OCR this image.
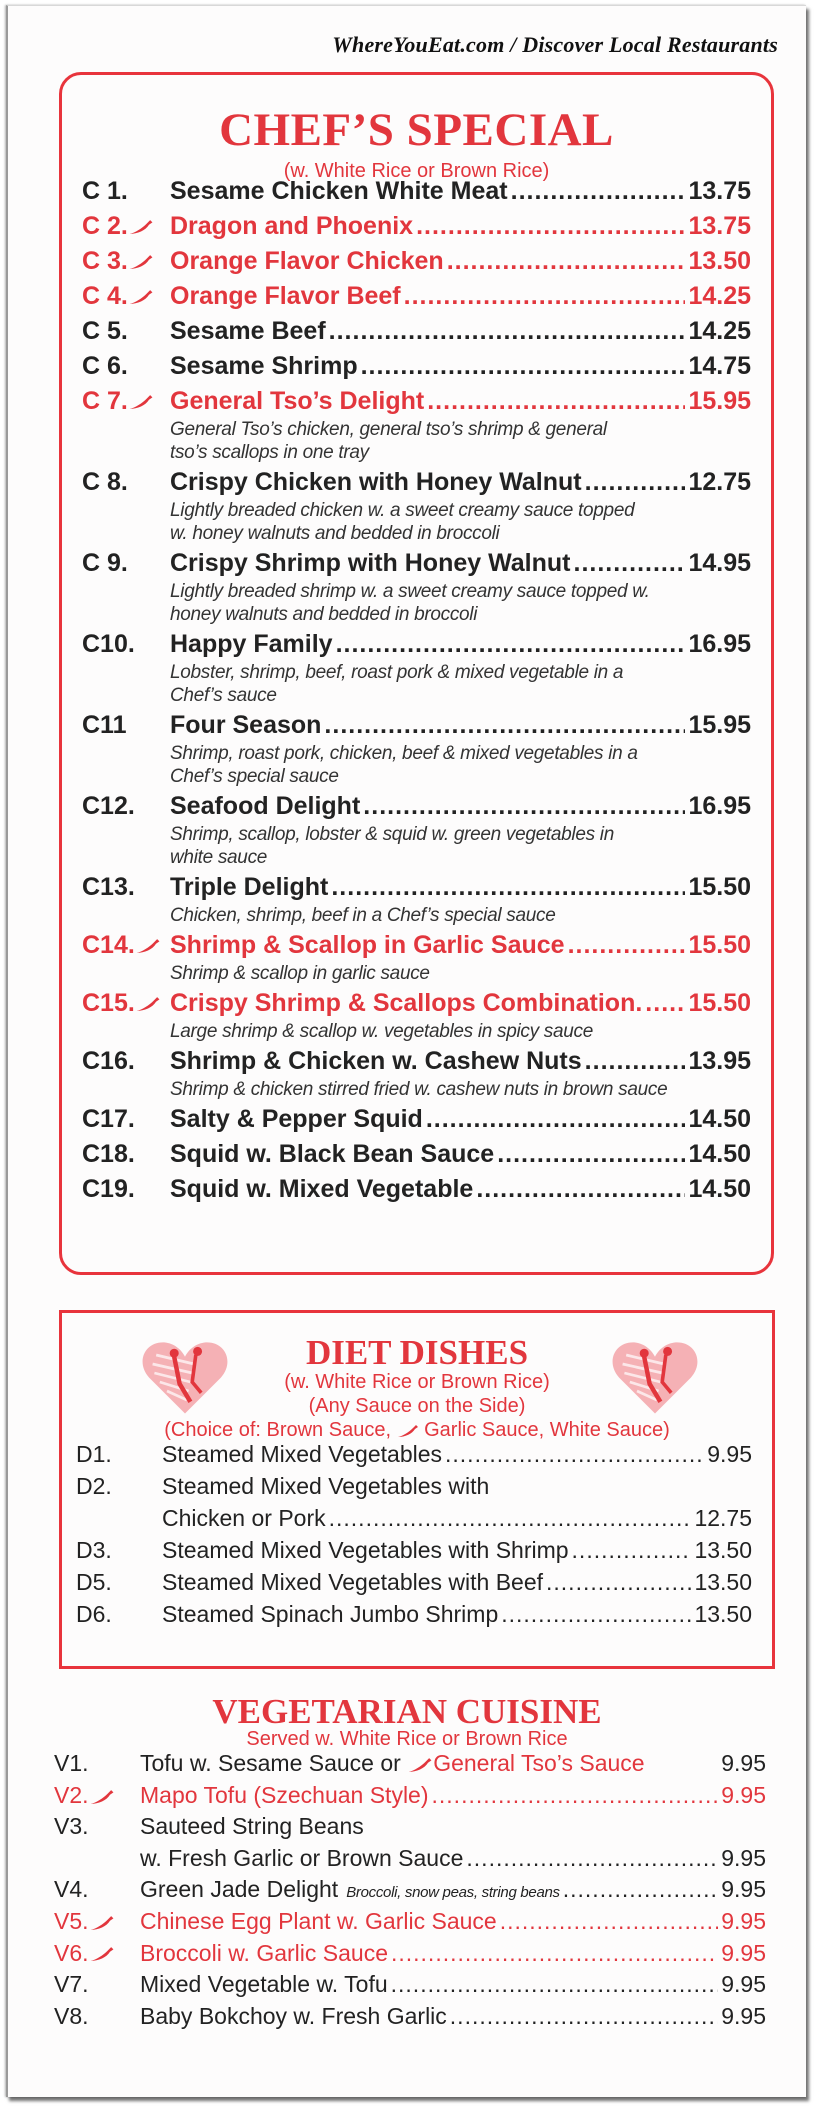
WhereYouEat.com / Discover Local Restaurants
CHEF’S SPECIAL
(w. White Rice or Brown Rice)
C 1.	Sesame Chicken White Meat .....	13.75
C 2.	Dragon and Phoenix .....	13.75
C 3.	Orange Flavor Chicken .....	13.50
C 4.	Orange Flavor Beef .....	14.25
C 5.	Sesame Beef .....	14.25
C 6.	Sesame Shrimp .....	14.75
C 7.	General Tso’s Delight .....	15.95
General Tso’s chicken, general tso’s shrimp & general
tso’s scallops in one tray
C 8.	Crispy Chicken with Honey Walnut .....	12.75
Lightly breaded chicken w. a sweet creamy sauce topped
w. honey walnuts and bedded in broccoli
C 9.	Crispy Shrimp with Honey Walnut .....	14.95
Lightly breaded shrimp w. a sweet creamy sauce topped w.
honey walnuts and bedded in broccoli
C10.	Happy Family .....	16.95
Lobster, shrimp, beef, roast pork & mixed vegetable in a
Chef’s sauce
C11	Four Season .....	15.95
Shrimp, roast pork, chicken, beef & mixed vegetables in a
Chef’s special sauce
C12.	Seafood Delight .....	16.95
Shrimp, scallop, lobster & squid w. green vegetables in
white sauce
C13.	Triple Delight .....	15.50
Chicken, shrimp, beef in a Chef’s special sauce
C14.	Shrimp & Scallop in Garlic Sauce .....	15.50
Shrimp & scallop in garlic sauce
C15.	Crispy Shrimp & Scallops Combination. ..... 15.50
Large shrimp & scallop w. vegetables in spicy sauce
C16.	Shrimp & Chicken w. Cashew Nuts .....	13.95
Shrimp & chicken stirred fried w. cashew nuts in brown sauce
C17.	Salty & Pepper Squid .....	14.50
C18.	Squid w. Black Bean Sauce .....	14.50
C19.	Squid w. Mixed Vegetable .....	14.50
DIET DISHES
(w. White Rice or Brown Rice)
(Any Sauce on the Side)
(Choice of: Brown Sauce, Garlic Sauce, White Sauce)
D1.	Steamed Mixed Vegetables .....	9.95
D2.	Steamed Mixed Vegetables with
Chicken or Pork .....	12.75
D3.	Steamed Mixed Vegetables with Shrimp .....	13.50
D5.	Steamed Mixed Vegetables with Beef .....	13.50
D6.	Steamed Spinach Jumbo Shrimp .....	13.50
VEGETARIAN CUISINE
Served w. White Rice or Brown Rice
V1.	Tofu w. Sesame Sauce or General Tso’s Sauce	9.95
V2.	Mapo Tofu (Szechuan Style) .....	9.95
V3.	Sauteed String Beans
w. Fresh Garlic or Brown Sauce .....	9.95
V4.	Green Jade Delight Broccoli, snow peas, string beans .....	9.95
V5.	Chinese Egg Plant w. Garlic Sauce .....	9.95
V6.	Broccoli w. Garlic Sauce .....	9.95
V7.	Mixed Vegetable w. Tofu .....	9.95
V8.	Baby Bokchoy w. Fresh Garlic .....	9.95
